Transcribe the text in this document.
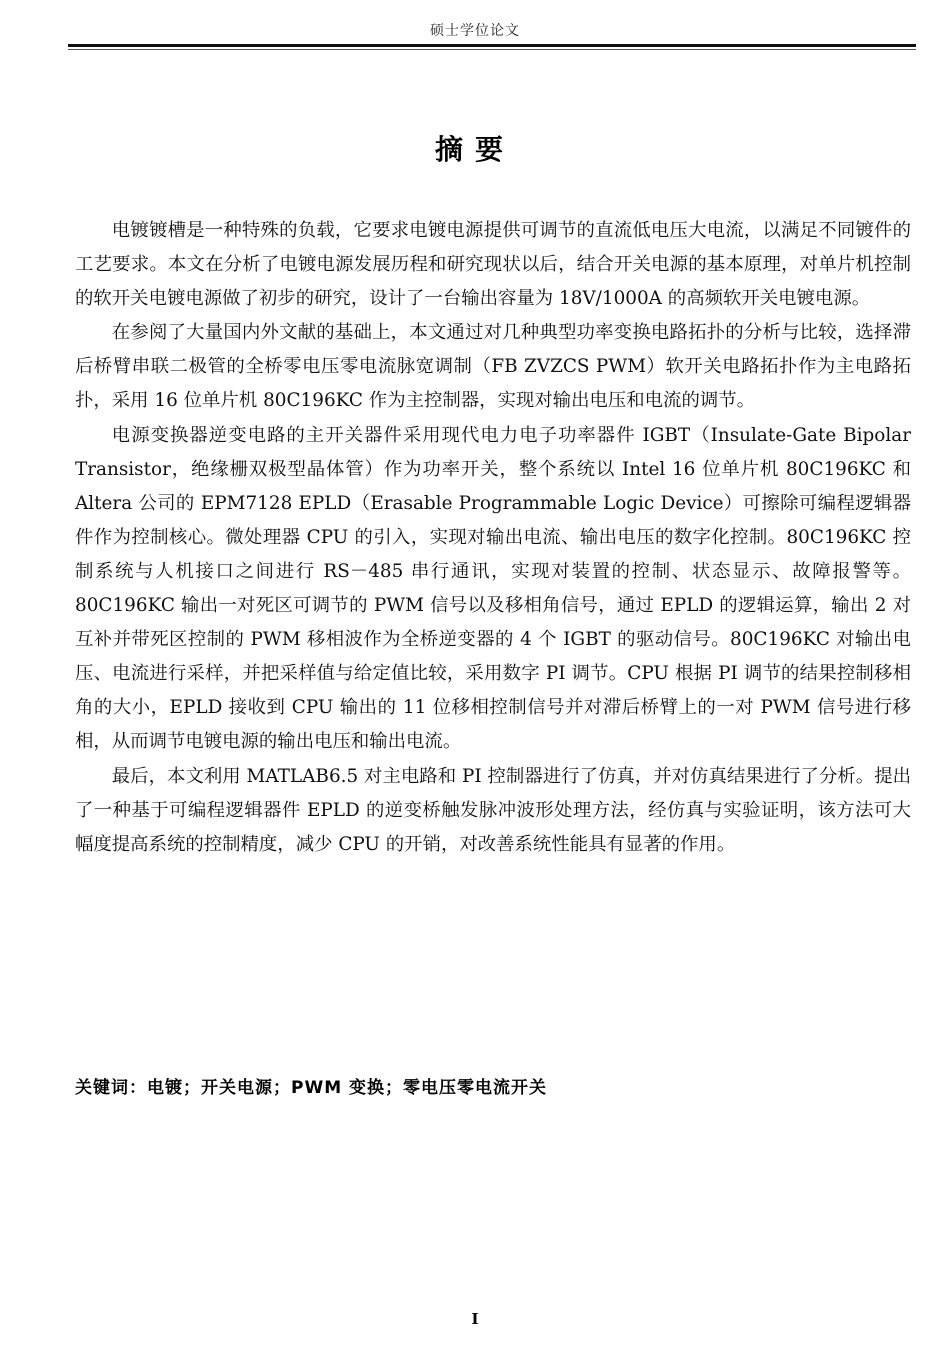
硕士学位论文
摘要

电镀镀槽是一种特殊的负载，它要求电镀电源提供可调节的直流低电压大电流，以满足不同镀件的工艺要求。本文在分析了电镀电源发展历程和研究现状以后，结合开关电源的基本原理，对单片机控制的软开关电镀电源做了初步的研究，设计了一台输出容量为 18V/1000A 的高频软开关电镀电源。

在参阅了大量国内外文献的基础上，本文通过对几种典型功率变换电路拓扑的分析与比较，选择滞后桥臂串联二极管的全桥零电压零电流脉宽调制（FB ZVZCS PWM）软开关电路拓扑作为主电路拓扑，采用 16 位单片机 80C196KC 作为主控制器，实现对输出电压和电流的调节。

电源变换器逆变电路的主开关器件采用现代电力电子功率器件 IGBT（Insulate-Gate Bipolar Transistor，绝缘栅双极型晶体管）作为功率开关，整个系统以 Intel 16 位单片机 80C196KC 和 Altera 公司的 EPM7128 EPLD（Erasable Programmable Logic Device）可擦除可编程逻辑器件作为控制核心。微处理器 CPU 的引入，实现对输出电流、输出电压的数字化控制。80C196KC 控制系统与人机接口之间进行 RS－485 串行通讯，实现对装置的控制、状态显示、故障报警等。80C196KC 输出一对死区可调节的 PWM 信号以及移相角信号，通过 EPLD 的逻辑运算，输出 2 对互补并带死区控制的 PWM 移相波作为全桥逆变器的 4 个 IGBT 的驱动信号。80C196KC 对输出电压、电流进行采样，并把采样值与给定值比较，采用数字 PI 调节。CPU 根据 PI 调节的结果控制移相角的大小，EPLD 接收到 CPU 输出的 11 位移相控制信号并对滞后桥臂上的一对 PWM 信号进行移相，从而调节电镀电源的输出电压和输出电流。

最后，本文利用 MATLAB6.5 对主电路和 PI 控制器进行了仿真，并对仿真结果进行了分析。提出了一种基于可编程逻辑器件 EPLD 的逆变桥触发脉冲波形处理方法，经仿真与实验证明，该方法可大幅度提高系统的控制精度，减少 CPU 的开销，对改善系统性能具有显著的作用。

关键词：电镀；开关电源；PWM 变换；零电压零电流开关
I
